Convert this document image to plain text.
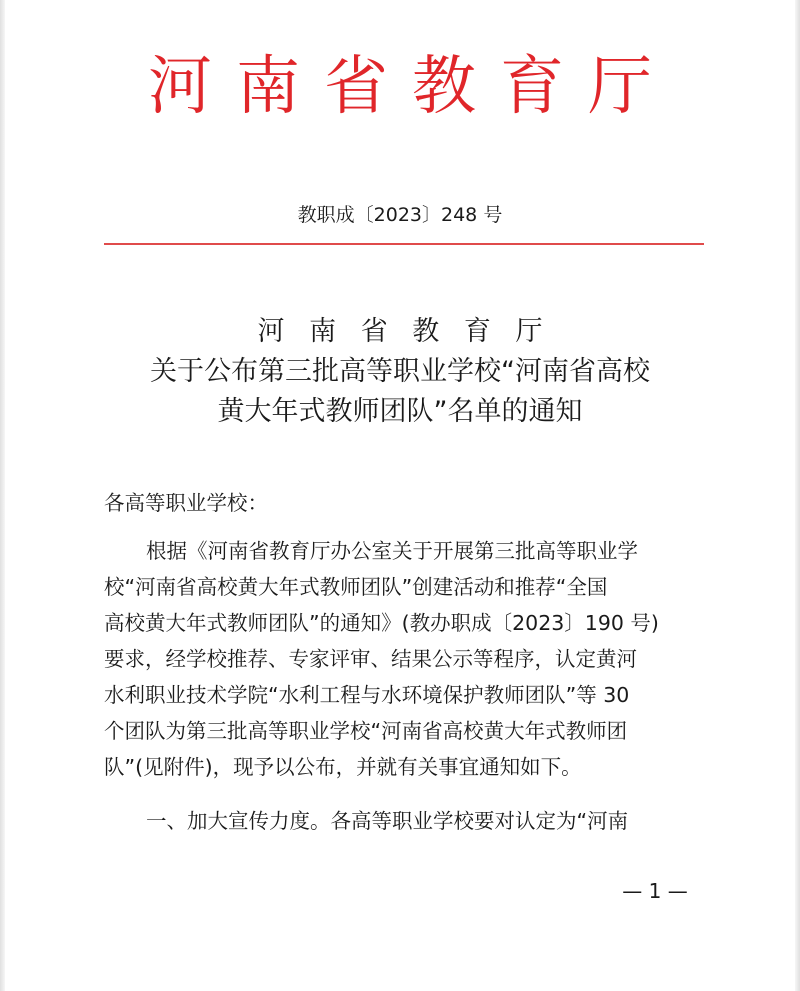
河南省教育厅
教职成〔2023〕248 号
河 南 省 教 育 厅
关于公布第三批高等职业学校“河南省高校
黄大年式教师团队”名单的通知
各高等职业学校：
根据《河南省教育厅办公室关于开展第三批高等职业学
校“河南省高校黄大年式教师团队”创建活动和推荐“全国
高校黄大年式教师团队”的通知》(教办职成〔2023〕190 号)
要求，经学校推荐、专家评审、结果公示等程序，认定黄河
水利职业技术学院“水利工程与水环境保护教师团队”等 30
个团队为第三批高等职业学校“河南省高校黄大年式教师团
队”(见附件)，现予以公布，并就有关事宜通知如下。
一、加大宣传力度。各高等职业学校要对认定为“河南
— 1 —
